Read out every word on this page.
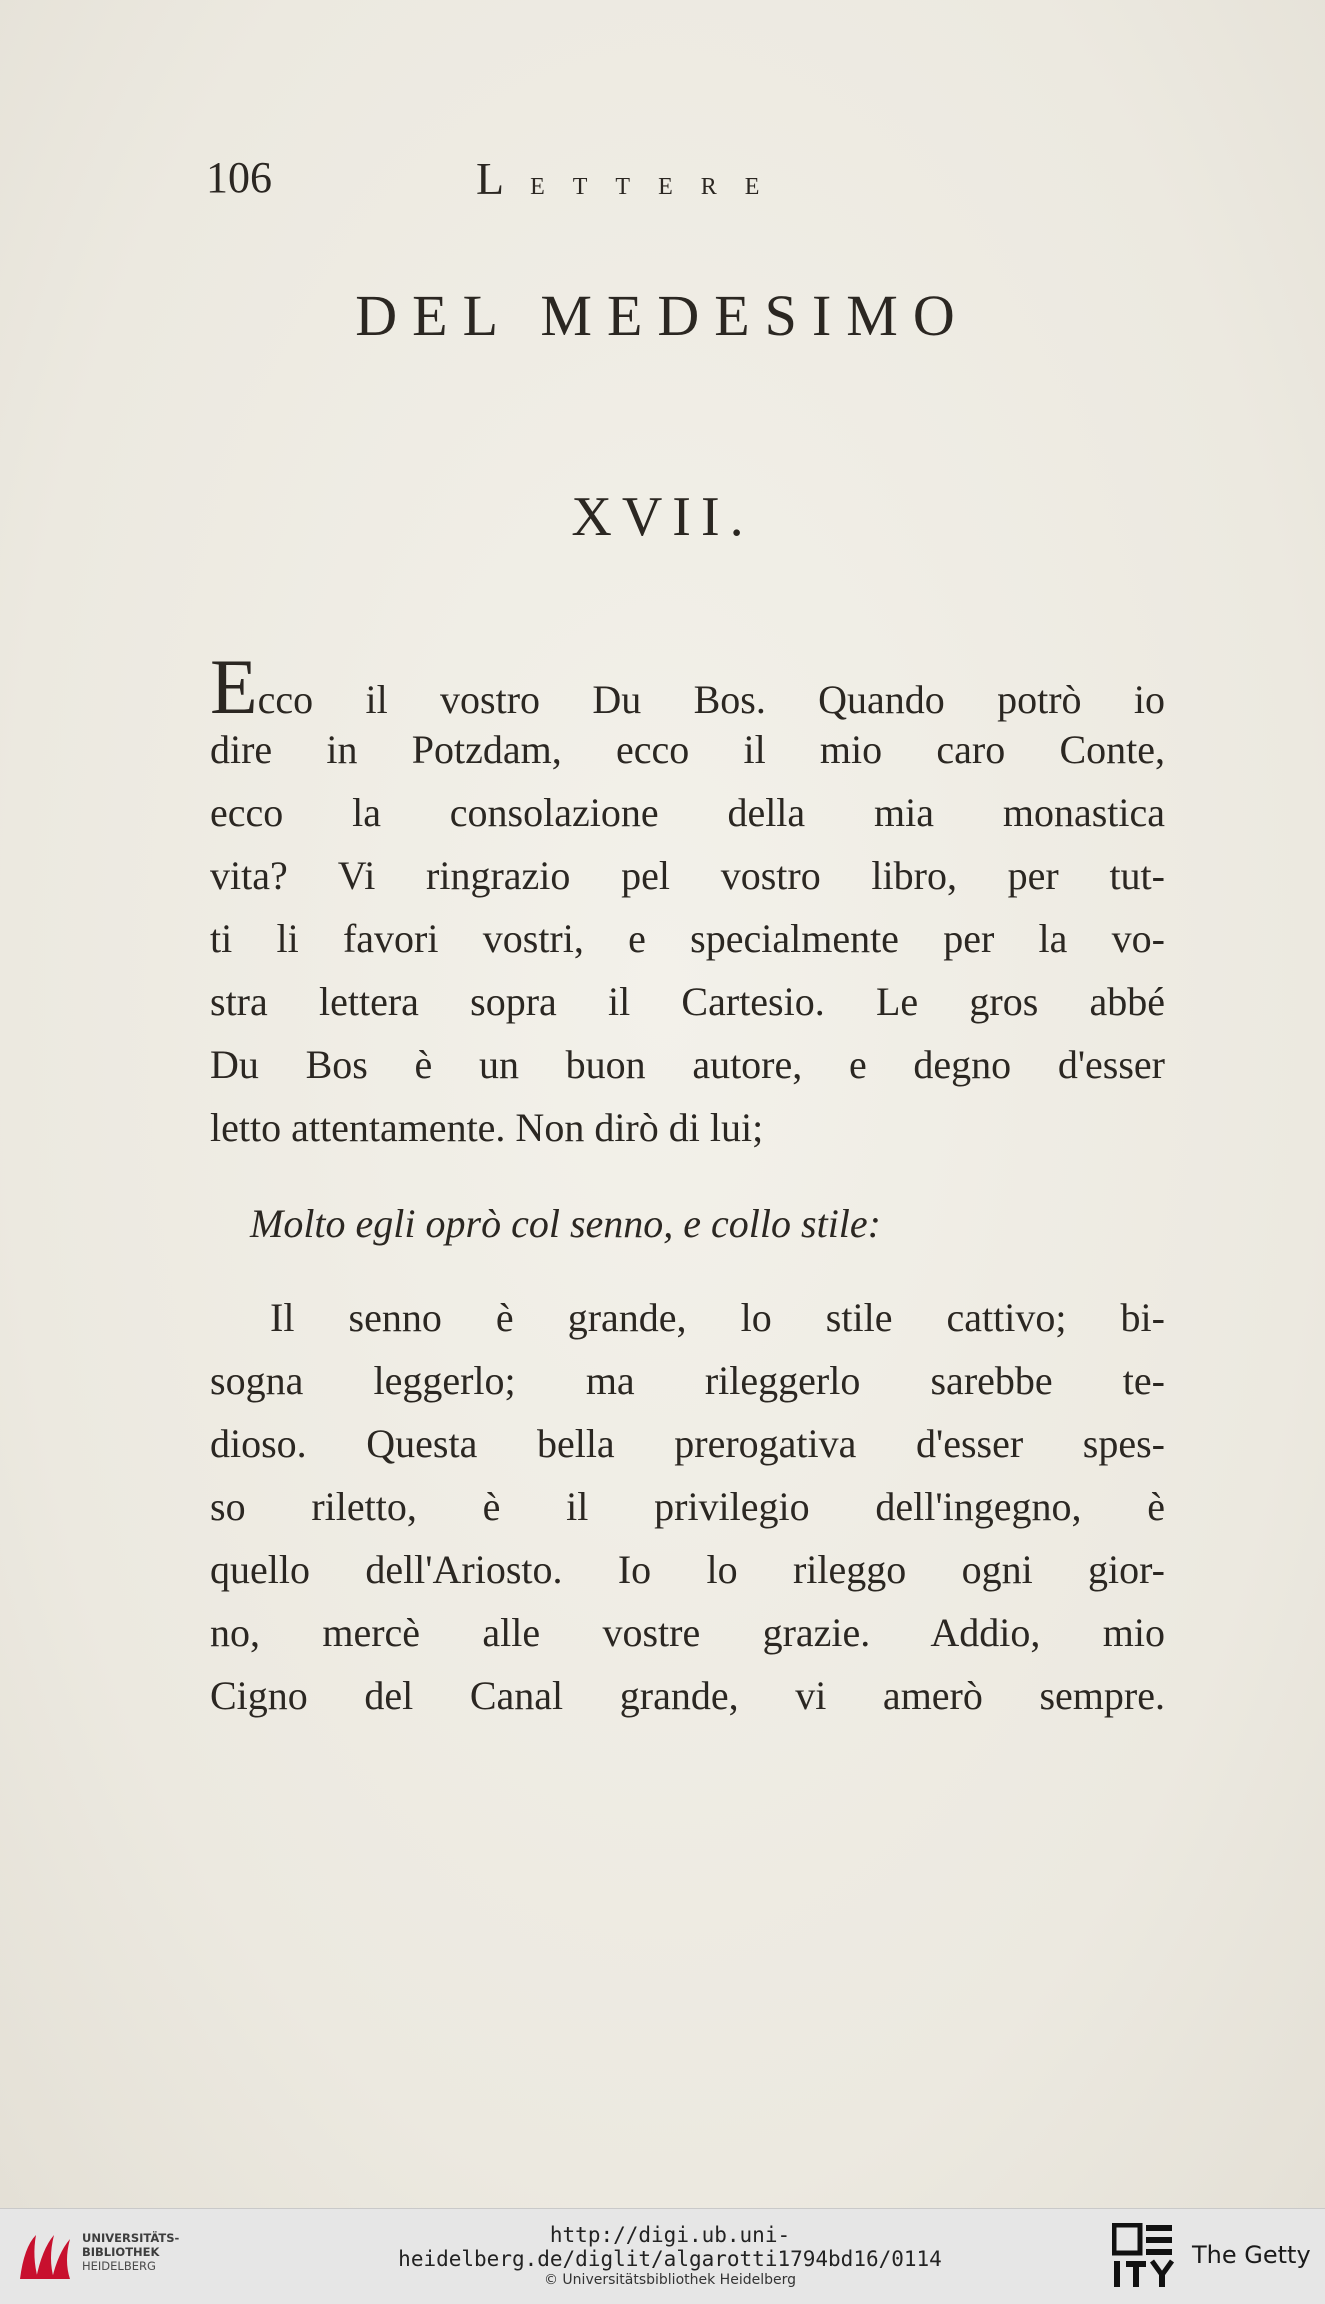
106	L ETTERE
DEL MEDESIMO
XVII.
Ecco il vostro Du Bos. Quando potrò io
dire in Potzdam, ecco il mio caro Conte,
ecco la consolazione della mia monastica
vita? Vi ringrazio pel vostro libro, per tut-
ti li favori vostri, e specialmente per la vo-
stra lettera sopra il Cartesio. Le gros abbé
Du Bos è un buon autore, e degno d'esser
letto attentamente. Non dirò di lui;
Molto egli oprò col senno, e collo stile:
Il senno è grande, lo stile cattivo; bi-
sogna leggerlo; ma rileggerlo sarebbe te-
dioso. Questa bella prerogativa d'esser spes-
so riletto, è il privilegio dell'ingegno, è
quello dell'Ariosto. Io lo rileggo ogni gior-
no, mercè alle vostre grazie. Addio, mio
Cigno del Canal grande, vi amerò sempre.
UNIVERSITÄTS-
BIBLIOTHEK
HEIDELBERG
http://digi.ub.uni-heidelberg.de/diglit/algarotti1794bd16/0114
© Universitätsbibliothek Heidelberg
The Getty
